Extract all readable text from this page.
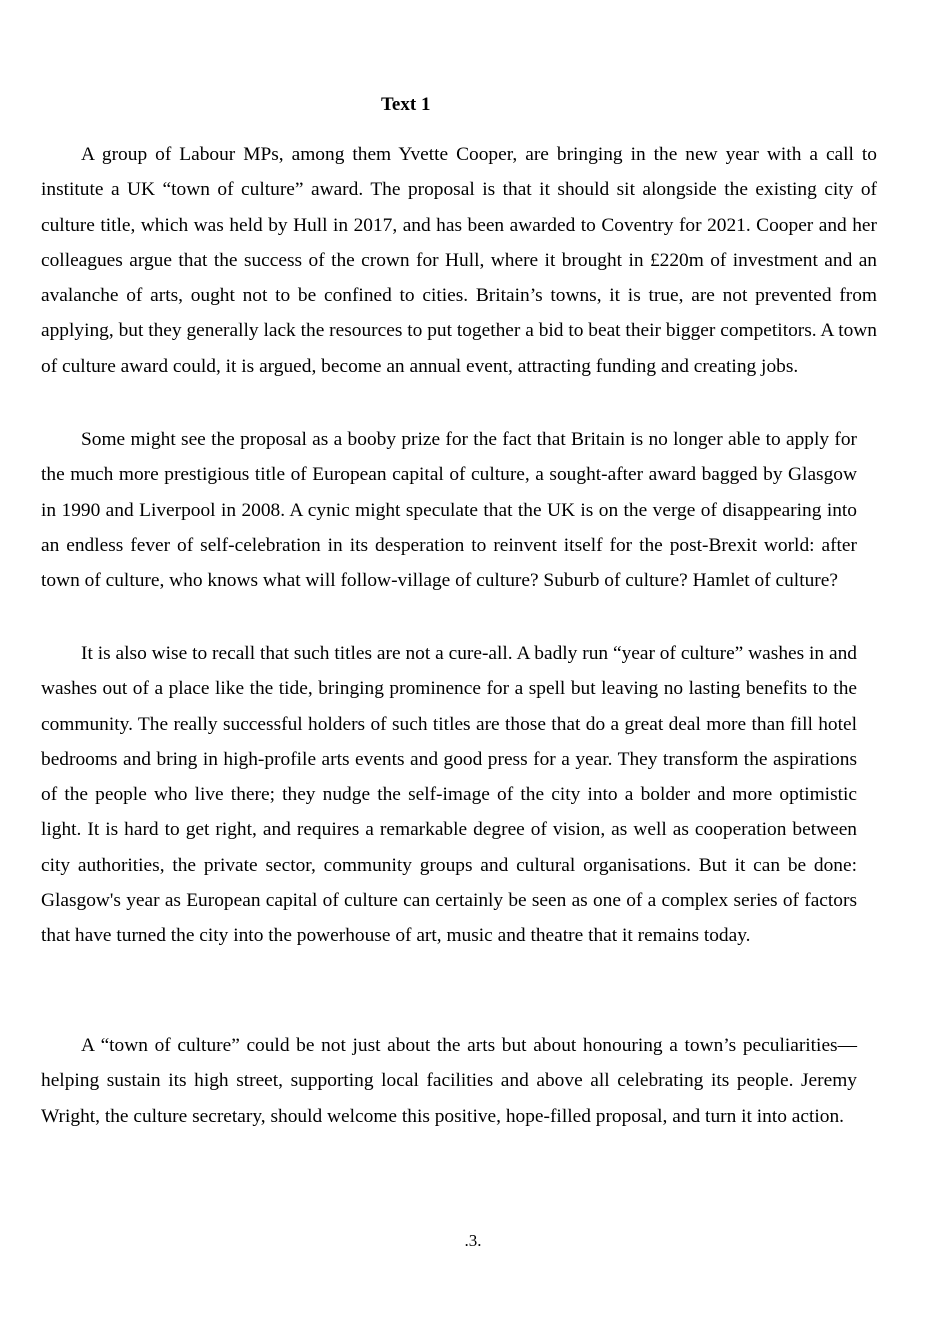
Text 1

A group of Labour MPs, among them Yvette Cooper, are bringing in the new year with a call to institute a UK “town of culture” award. The proposal is that it should sit alongside the existing city of culture title, which was held by Hull in 2017, and has been awarded to Coventry for 2021. Cooper and her colleagues argue that the success of the crown for Hull, where it brought in £220m of investment and an avalanche of arts, ought not to be confined to cities. Britain’s towns, it is true, are not prevented from applying, but they generally lack the resources to put together a bid to beat their bigger competitors. A town of culture award could, it is argued, become an annual event, attracting funding and creating jobs.

Some might see the proposal as a booby prize for the fact that Britain is no longer able to apply for the much more prestigious title of European capital of culture, a sought-after award bagged by Glasgow in 1990 and Liverpool in 2008. A cynic might speculate that the UK is on the verge of disappearing into an endless fever of self-celebration in its desperation to reinvent itself for the post-Brexit world: after town of culture, who knows what will follow-village of culture? Suburb of culture? Hamlet of culture?

It is also wise to recall that such titles are not a cure-all. A badly run “year of culture” washes in and washes out of a place like the tide, bringing prominence for a spell but leaving no lasting benefits to the community. The really successful holders of such titles are those that do a great deal more than fill hotel bedrooms and bring in high-profile arts events and good press for a year. They transform the aspirations of the people who live there; they nudge the self-image of the city into a bolder and more optimistic light. It is hard to get right, and requires a remarkable degree of vision, as well as cooperation between city authorities, the private sector, community groups and cultural organisations. But it can be done: Glasgow's year as European capital of culture can certainly be seen as one of a complex series of factors that have turned the city into the powerhouse of art, music and theatre that it remains today.

A “town of culture” could be not just about the arts but about honouring a town’s peculiarities—helping sustain its high street, supporting local facilities and above all celebrating its people. Jeremy Wright, the culture secretary, should welcome this positive, hope-filled proposal, and turn it into action.

.3.
